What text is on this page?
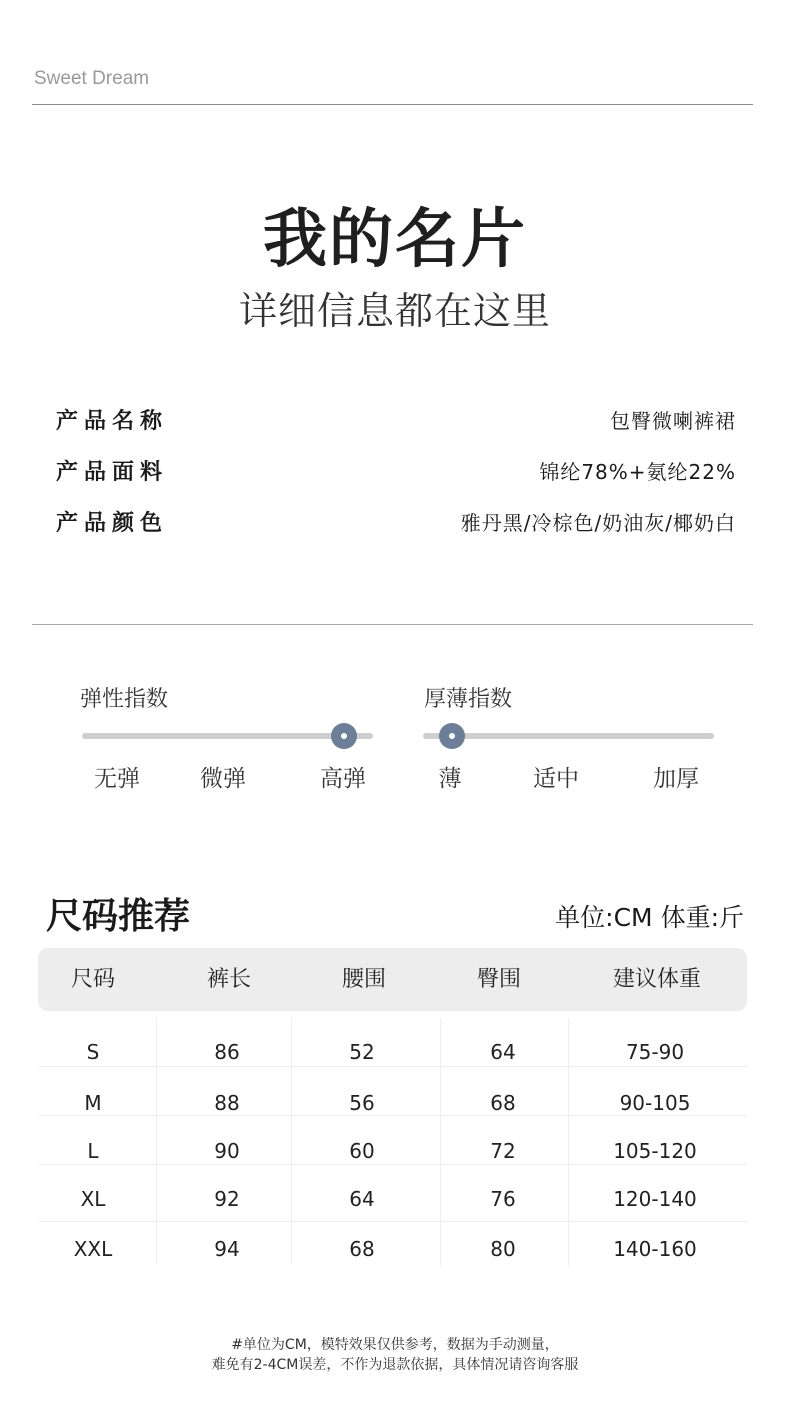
Sweet Dream
我的名片
详细信息都在这里
产品名称	包臀微喇裤裙
产品面料	锦纶78%+氨纶22%
产品颜色	雅丹黑/冷棕色/奶油灰/椰奶白
弹性指数
无弹	微弹	高弹
厚薄指数
薄	适中	加厚
尺码推荐	单位:CM 体重:斤
尺码	裤长	腰围	臀围	建议体重
S	86	52	64	75-90
M	88	56	68	90-105
L	90	60	72	105-120
XL	92	64	76	120-140
XXL	94	68	80	140-160
#单位为CM，模特效果仅供参考，数据为手动测量，
难免有2-4CM误差，不作为退款依据，具体情况请咨询客服
